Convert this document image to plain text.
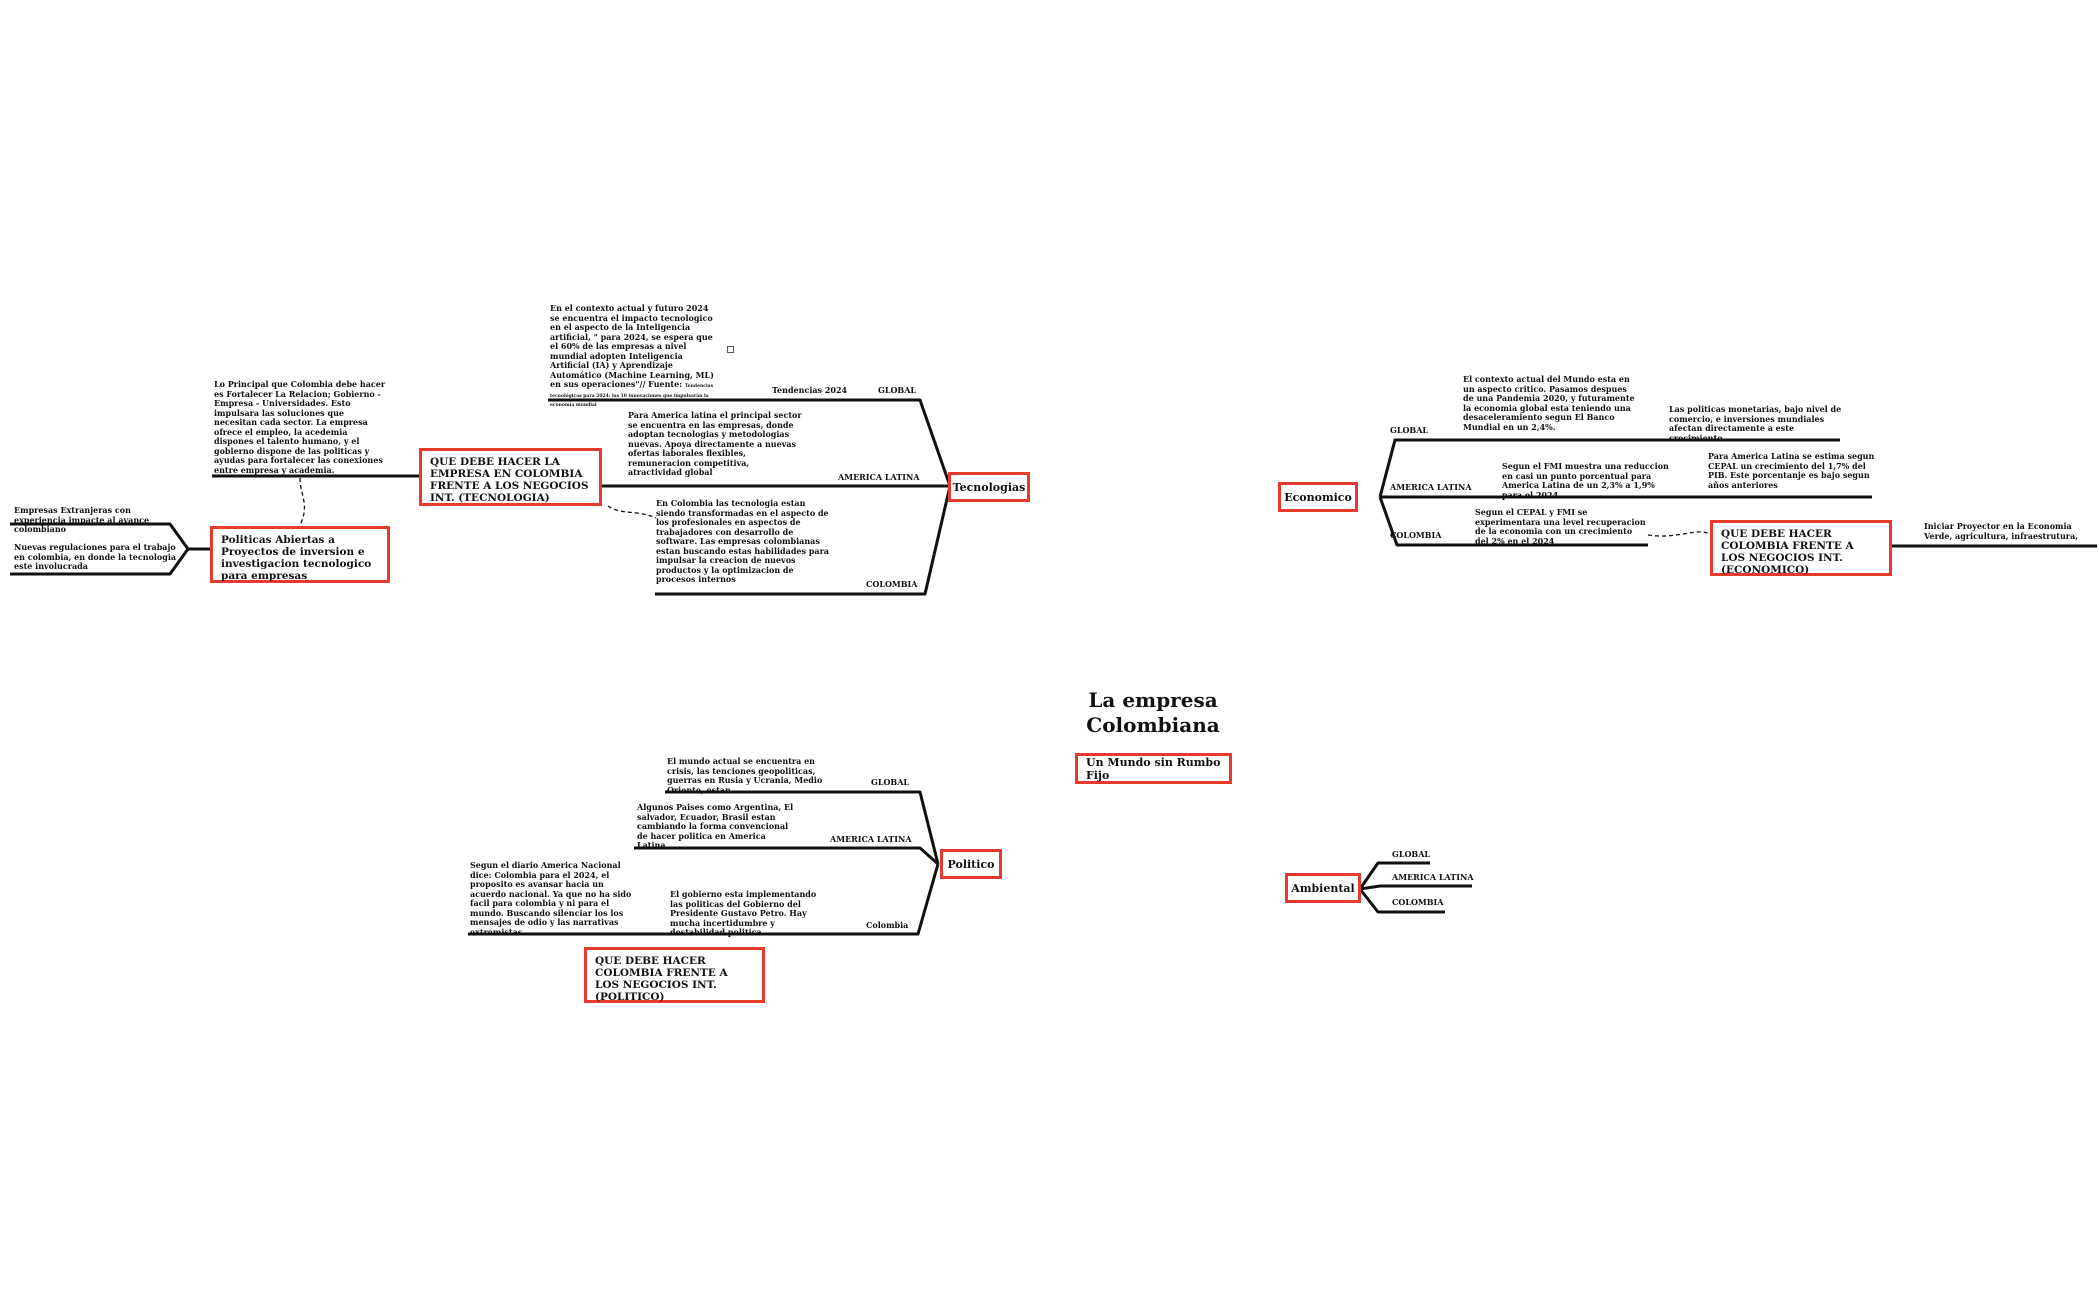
La empresa Colombiana
Un Mundo sin Rumbo Fijo
Tecnologias
GLOBAL
Tendencias 2024
AMERICA LATINA
COLOMBIA
En el contexto actual y futuro 2024 se encuentra el impacto tecnologico en el aspecto de la Inteligencia artificial, " para 2024, se espera que el 60% de las empresas a nivel mundial adopten Inteligencia Artificial (IA) y Aprendizaje Automático (Machine Learning, ML) en sus operaciones"// Fuente: Tendencias tecnológicas para 2024: las 10 innovaciones que impulsarán la economía mundial
Para America latina el principal sector se encuentra en las empresas, donde adoptan tecnologias y metodologias nuevas. Apoya directamente a nuevas ofertas laborales flexibles, remuneracion competitiva, atractividad global
En Colombia las tecnologia estan siendo transformadas en el aspecto de los profesionales en aspectos de trabajadores con desarrollo de software. Las empresas colombianas estan buscando estas habilidades para impulsar la creacion de nuevos productos y la optimizacion de procesos internos
QUE DEBE HACER LA EMPRESA EN COLOMBIA FRENTE A LOS NEGOCIOS INT. (TECNOLOGIA)
Lo Principal que Colombia debe hacer es Fortalecer La Relacion; Gobierno - Empresa - Universidades. Esto impulsara las soluciones que necesitan cada sector. La empresa ofrece el empleo, la acedemia dispones el talento humano, y el gobierno dispone de las politicas y ayudas para fortalecer las conexiones entre empresa y academia.
Politicas Abiertas a Proyectos de inversion e investigacion tecnologico para empresas
Empresas Extranjeras con experiencia impacte al avance colombiano
Nuevas regulaciones para el trabajo en colombia, en donde la tecnologia este involucrada
Politico
GLOBAL
AMERICA LATINA
Colombia
El mundo actual se encuentra en crisis, las tenciones geopoliticas, guerras en Rusia y Ucrania, Medio Oriente, estan
Algunos Paises como Argentina, El salvador, Ecuador, Brasil estan cambiando la forma convencional de hacer politica en America Latina
El gobierno esta implementando las politicas del Gobierno del Presidente Gustavo Petro. Hay mucha incertidumbre y destabilidad politica
Segun el diario America Nacional dice: Colombia para el 2024, el proposito es avansar hacia un acuerdo nacional. Ya que no ha sido facil para colombia y ni para el mundo. Buscando silenciar los los mensajes de odio y las narrativas extremistas
QUE DEBE HACER COLOMBIA FRENTE A LOS NEGOCIOS INT. (POLITICO)
Economico
GLOBAL
AMERICA LATINA
COLOMBIA
El contexto actual del Mundo esta en un aspecto critico. Pasamos despues de una Pandemia 2020, y futuramente la economia global esta teniendo una desaceleramiento segun El Banco Mundial en un 2,4%.
Las politicas monetarias, bajo nivel de comercio, e inversiones mundiales afectan directamente a este crecimiento
Segun el FMI muestra una reduccion en casi un punto porcentual para America Latina de un 2,3% a 1,9% para el 2024.
Para America Latina se estima segun CEPAL un crecimiento del 1,7% del PIB. Este porcentanje es bajo segun años anteriores
Segun el CEPAL y FMI se experimentara una level recuperacion de la economia con un crecimiento del 2% en el 2024
QUE DEBE HACER COLOMBIA FRENTE A LOS NEGOCIOS INT. (ECONOMICO)
Iniciar Proyector en la Economia Verde, agricultura, infraestrutura,
Ambiental
GLOBAL
AMERICA LATINA
COLOMBIA
